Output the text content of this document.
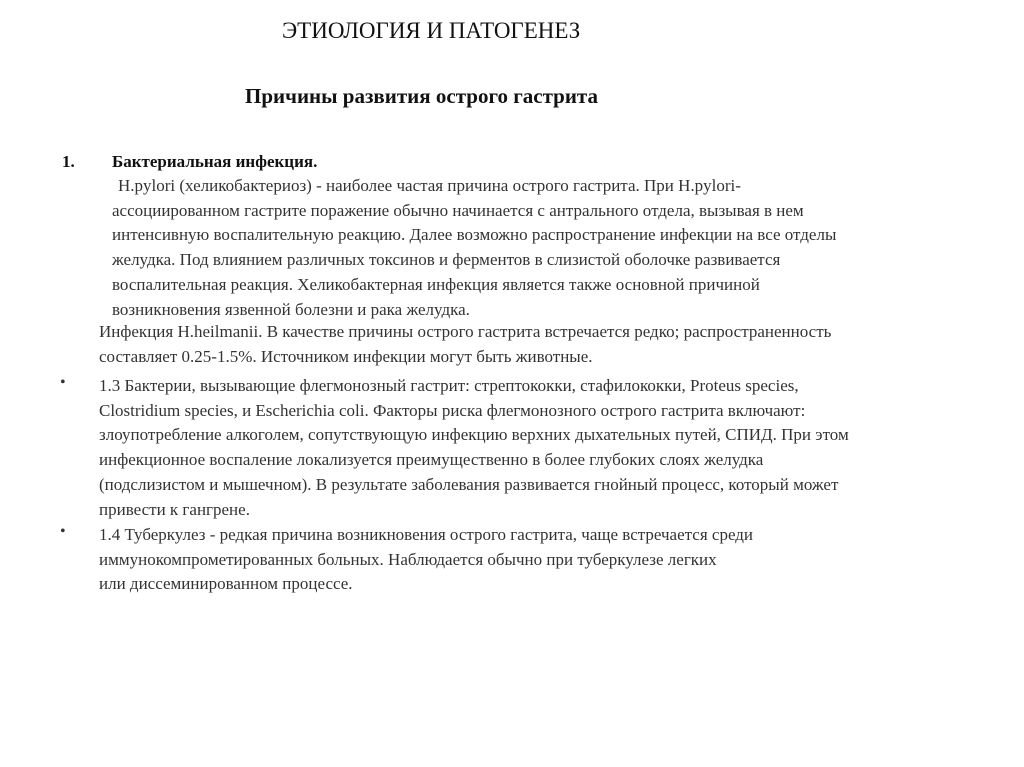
ЭТИОЛОГИЯ И ПАТОГЕНЕЗ
Причины развития острого гастрита
1. Бактериальная инфекция.
H.pylori (хеликобактериоз) - наиболее частая причина острого гастрита. При H.pylori-
ассоциированном гастрите поражение обычно начинается с антрального отдела, вызывая в нем
интенсивную воспалительную реакцию. Далее возможно распространение инфекции на все отделы
желудка. Под влиянием различных токсинов и ферментов в слизистой оболочке развивается
воспалительная реакция. Хеликобактерная инфекция является также основной причиной
возникновения язвенной болезни и рака желудка.
Инфекция H.heilmanii. В качестве причины острого гастрита встречается редко; распространенность
составляет 0.25-1.5%. Источником инфекции могут быть животные.
• 1.3 Бактерии, вызывающие флегмонозный гастрит: стрептококки, стафилококки, Proteus species,
Clostridium species, и Escherichia coli. Факторы риска флегмонозного острого гастрита включают:
злоупотребление алкоголем, сопутствующую инфекцию верхних дыхательных путей, СПИД. При этом
инфекционное воспаление локализуется преимущественно в более глубоких слоях желудка
(подслизистом и мышечном). В результате заболевания развивается гнойный процесс, который может
привести к гангрене.
• 1.4 Туберкулез - редкая причина возникновения острого гастрита, чаще встречается среди
иммунокомпрометированных больных. Наблюдается обычно при туберкулезе легких
или диссеминированном процессе.
